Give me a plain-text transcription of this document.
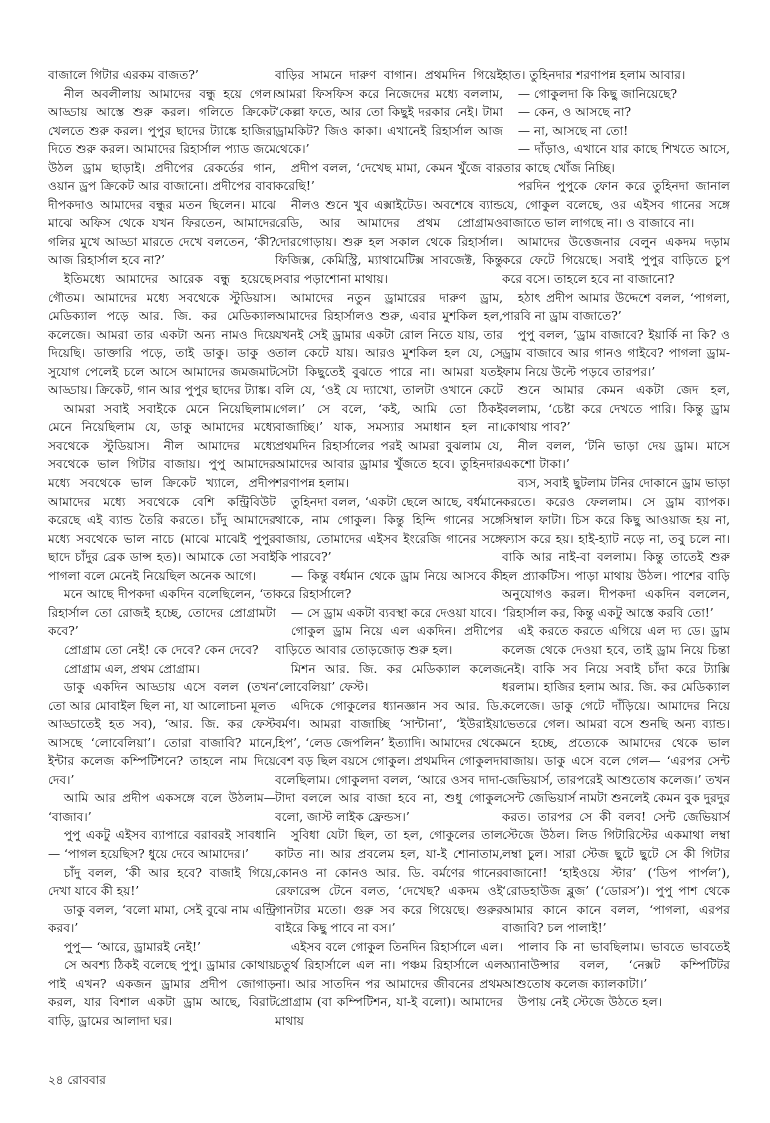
বাজালে গিটার এরকম বাজত?’

নীল অবলীলায় আমাদের বন্ধু হয়ে গেল। আড্ডায় আস্তে শুরু করল। গলিতে ক্রিকেট খেলতে শুরু করল। পুপুর ছাদের ট্যাঙ্কে হাজিরা দিতে শুরু করল। আমাদের রিহার্সাল প্যাড জমে উঠল ড্রাম ছাড়াই। প্রদীপের রেকর্ডের গান, ওয়ান ড্রপ ক্রিকেট আর বাজানো। প্রদীপের বাবা দীপকদাও আমাদের বন্ধুর মতন ছিলেন। মাঝে মাঝে অফিস থেকে যখন ফিরতেন, আমাদের গলির মুখে আড্ডা মারতে দেখে বলতেন, ‘কী? আজ রিহার্সাল হবে না?’

ইতিমধ্যে আমাদের আরেক বন্ধু হয়েছে। গৌতম। আমাদের মধ্যে সবথেকে স্টুডিয়াস। মেডিক্যাল পড়ে আর. জি. কর মেডিক্যাল কলেজে। আমরা তার একটা অন্য নামও দিয়ে দিয়েছি। ডাক্তারি পড়ে, তাই ডাকু। ডাকু ও সুযোগ পেলেই চলে আসে আমাদের জমজমাট আড্ডায়। ক্রিকেট, গান আর পুপুর ছাদের ট্যাঙ্ক।

আমরা সবাই সবাইকে মেনে নিয়েছিলাম। মেনে নিয়েছিলাম যে, ডাকু আমাদের মধ্যে সবথেকে স্টুডিয়াস। নীল আমাদের মধ্যে সবথেকে ভাল গিটার বাজায়। পুপু আমাদের মধ্যে সবথেকে ভাল ক্রিকেট খ্যালে, প্রদীপ আমাদের মধ্যে সবথেকে বেশি কন্ট্রিবিউট করেছে এই ব্যান্ড তৈরি করতে। চাঁদু আমাদের মধ্যে সবথেকে ভাল নাচে (মাঝে মাঝেই পুপুর ছাদে চাঁদুর ব্রেক ডান্স হত)। আমাকে তো সবাই পাগলা বলে মেনেই নিয়েছিল অনেক আগে।

মনে আছে দীপকদা একদিন বলেছিলেন, ‘তা রিহার্সাল তো রোজই হচ্ছে, তোদের প্রোগ্রামটা কবে?’

প্রোগ্রাম তো নেই! কে দেবে? কেন দেবে?

প্রোগ্রাম এল, প্রথম প্রোগ্রাম।

ডাকু একদিন আড্ডায় এসে বলল (তখন তো আর মোবাইল ছিল না, যা আলোচনা মূলত আড্ডাতেই হত সব), ‘আর. জি. কর ফেস্ট আসছে ‘লোবেলিয়া’। তোরা বাজাবি? মানে, ইন্টার কলেজ কম্পিটিশনে? তাহলে নাম দিয়ে দেব।’

আমি আর প্রদীপ একসঙ্গে বলে উঠলাম— ‘বাজাব।’

পুপু একটু এইসব ব্যাপারে বরাবরই সাবধানি— ‘পাগল হয়েছিস? ধুয়ে দেবে আমাদের।’

চাঁদু বলল, ‘কী আর হবে? বাজাই গিয়ে, দেখা যাবে কী হয়!’

ডাকু বলল, ‘বলো মামা, সেই বুঝে নাম এন্ট্রি করব।’

পুপু— ‘আরে, ড্রামারই নেই!’

সে অবশ্য ঠিকই বলেছে পুপু। ড্রামার কোথায় পাই এখন? একজন ড্রামার প্রদীপ জোগাড় করল, যার বিশাল একটা ড্রাম আছে, বিরাট বাড়ি, ড্রামের আলাদা ঘর।

বাড়ির সামনে দারুণ বাগান। প্রথমদিন গিয়েই আমরা ফিসফিস করে নিজেদের মধ্যে বললাম, ‘কেল্লা ফতে, আর তো কিছুই দরকার নেই। টামা ড্রামকিট? জিও কাকা। এখানেই রিহার্সাল আজ থেকে।’

প্রদীপ বলল, ‘দেখেছ মামা, কেমন খুঁজে বার করেছি!’

নীলও শুনে খুব এক্সাইটেড। অবশেষে ব্যান্ড রেডি, আর আমাদের প্রথম প্রোগ্রামও দোরগোড়ায়। শুরু হল সকাল থেকে রিহার্সাল। ফিজিক্স, কেমিস্ট্রি, ম্যাথামেটিক্স সাবজেক্ট, কিন্তু সবার পড়াশোনা মাথায়।

আমাদের নতুন ড্রামারের দারুণ ড্রাম, আমাদের রিহার্সালও শুরু, এবার মুশকিল হল, যখনই সেই ড্রামার একটা রোল নিতে যায়, তার তাল কেটে যায়। আরও মুশকিল হল যে, সে সেটা কিছুতেই বুঝতে পারে না। আমরা যতই বলি যে, ‘ওই যে দ্যাখো, তালটা ওখানে কেটে গেল।’ সে বলে, ‘কই, আমি তো ঠিকই বাজাচ্ছি।’ যাক, সমস্যার সমাধান হল না। প্রথমদিন রিহার্সালের পরই আমরা বুঝলাম যে, আমাদের আবার ড্রামার খুঁজতে হবে। তুহিনদার শরণাপন্ন হলাম।

তুহিনদা বলল, ‘একটা ছেলে আছে, বর্ধমানে থাকে, নাম গোকুল। কিন্তু হিন্দি গানের সঙ্গে বাজায়, তোমাদের এইসব ইংরেজি গানের সঙ্গে কি পারবে?’

— কিন্তু বর্ধমান থেকে ড্রাম নিয়ে আসবে কী করে রিহার্সালে?

— সে ড্রাম একটা ব্যবস্থা করে দেওয়া যাবে।

গোকুল ড্রাম নিয়ে এল একদিন। প্রদীপের বাড়িতে আবার তোড়জোড় শুরু হল।

মিশন আর. জি. কর মেডিক্যাল কলেজ ‘লোবেলিয়া’ ফেস্ট।

এদিকে গোকুলের ধ্যানজ্ঞান সব আর. ডি. বর্মণ। আমরা বাজাচ্ছি ‘সান্টানা’, ‘ইউরাইয়া হিপ’, ‘লেড জেপলিন’ ইত্যাদি। আমাদের থেকে বেশ বড় ছিল বয়সে গোকুল। প্রথমদিন গোকুলদা বলেছিলাম। গোকুলদা বলল, ‘আরে ওসব দাদা-টাদা বললে আর বাজা হবে না, শুধু গোকুল বলো, জাস্ট লাইক ফ্রেন্ডস।’

সুবিধা যেটা ছিল, তা হল, গোকুলের তাল কাটত না। আর প্রবলেম হল, যা-ই শোনাতাম, কোনও না কোনও আর. ডি. বর্মণের গানের রেফারেন্স টেনে বলত, ‘দেখেছ? একদম ওই গানটার মতো। গুরু সব করে গিয়েছে। গুরুর বাইরে কিছু পাবে না বস।’

এইসব বলে গোকুল তিনদিন রিহার্সালে এল। চতুর্থ রিহার্সালে এল না। পঞ্চম রিহার্সালে এল না। আর সাতদিন পর আমাদের জীবনের প্রথম প্রোগ্রাম (বা কম্পিটিশন, যা-ই বলো)। আমাদের মাথায়

হাত। তুহিনদার শরণাপন্ন হলাম আবার।

— গোকুলদা কি কিছু জানিয়েছে?

— কেন, ও আসছে না?

— না, আসছে না তো!

— দাঁড়াও, এখানে যার কাছে শিখতে আসে, তার কাছে খোঁজ নিচ্ছি।

পরদিন পুপুকে ফোন করে তুহিনদা জানাল যে, গোকুল বলেছে, ওর এইসব গানের সঙ্গে বাজাতে ভাল লাগছে না। ও বাজাবে না।

আমাদের উত্তেজনার বেলুন একদম দড়াম করে ফেটে গিয়েছে। সবাই পুপুর বাড়িতে চুপ করে বসে। তাহলে হবে না বাজানো?

হঠাৎ প্রদীপ আমার উদ্দেশে বলল, ‘পাগলা, পারবি না ড্রাম বাজাতে?’

পুপু বলল, ‘ড্রাম বাজাবে? ইয়ার্কি না কি? ও ড্রাম বাজাবে আর গানও গাইবে? পাগলা ড্রাম-ফাম নিয়ে উল্টে পড়বে তারপর।’

শুনে আমার কেমন একটা জেদ হল, বললাম, ‘চেষ্টা করে দেখতে পারি। কিন্তু ড্রাম কোথায় পাব?’

নীল বলল, ‘টনি ভাড়া দেয় ড্রাম। মাসে একশো টাকা।’

ব্যস, সবাই ছুটলাম টনির দোকানে ড্রাম ভাড়া করতে। করেও ফেললাম। সে ড্রাম ব্যাপক। সিম্বাল ফাটা। চিস করে কিছু আওয়াজ হয় না, ফ্যাস করে হয়। হাই-হ্যাট নড়ে না, তবু চলে না। বাকি আর নাই-বা বললাম। কিন্তু তাতেই শুরু হল প্র্যাকটিস। পাড়া মাথায় উঠল। পাশের বাড়ি অনুযোগও করল। দীপকদা একদিন বললেন, ‘রিহার্সাল কর, কিন্তু একটু আস্তে করবি তো!’

এই করতে করতে এগিয়ে এল দ্য ডে। ড্রাম কলেজ থেকে দেওয়া হবে, তাই ড্রাম নিয়ে চিন্তা নেই। বাকি সব নিয়ে সবাই চাঁদা করে ট্যাক্সি ধরলাম। হাজির হলাম আর. জি. কর মেডিক্যাল কলেজে। ডাকু গেটে দাঁড়িয়ে। আমাদের নিয়ে ভেতরে গেল। আমরা বসে শুনছি অন্য ব্যান্ড। মনে হচ্ছে, প্রত্যেকে আমাদের থেকে ভাল বাজায়। ডাকু এসে বলে গেল— ‘এরপর সেন্ট জেভিয়ার্স, তারপরেই আশুতোষ কলেজ।’ তখন সেন্ট জেভিয়ার্স নামটা শুনলেই কেমন বুক দুরদুর করত। তারপর সে কী বলব! সেন্ট জেভিয়ার্স স্টেজে উঠল। লিড গিটারিস্টের একমাথা লম্বা লম্বা চুল। সারা স্টেজ ছুটে ছুটে সে কী গিটার বাজানো! ‘হাইওয়ে স্টার’ (‘ডিপ পার্পল’), ‘রোডহাউজ ব্লুজ’ (‘ডোরস’)। পুপু পাশ থেকে আমার কানে কানে বলল, ‘পাগলা, এরপর বাজাবি? চল পালাই!’

পালাব কি না ভাবছিলাম। ভাবতে ভাবতেই অ্যানাউন্সার বলল, ‘নেক্সট কম্পিটিটর আশুতোষ কলেজ ক্যালকাটা।’

উপায় নেই স্টেজে উঠতে হল।

২৪ রোববার
